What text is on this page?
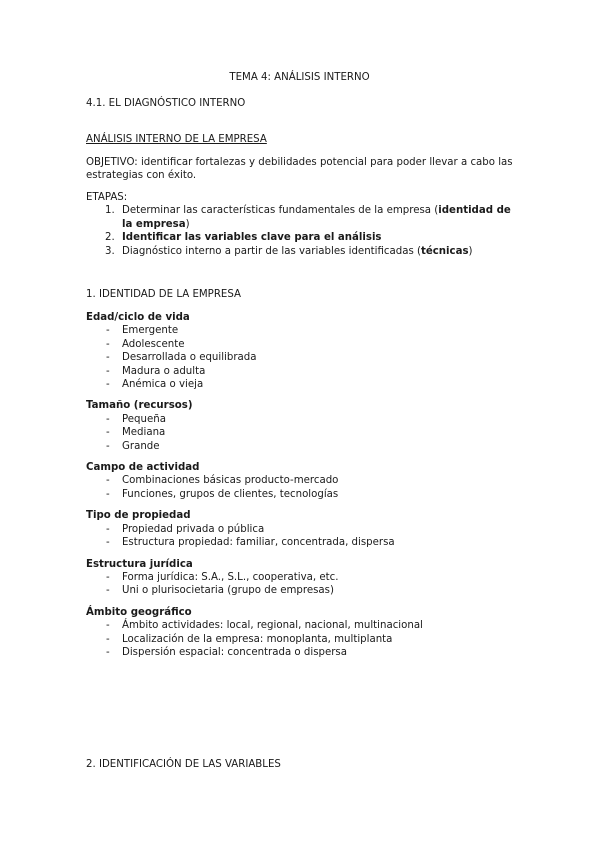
TEMA 4: ANÁLISIS INTERNO
4.1. EL DIAGNÓSTICO INTERNO
ANÁLISIS INTERNO DE LA EMPRESA
OBJETIVO: identificar fortalezas y debilidades potencial para poder llevar a cabo las estrategias con éxito.
ETAPAS:
1. Determinar las características fundamentales de la empresa (identidad de la empresa)
2. Identificar las variables clave para el análisis
3. Diagnóstico interno a partir de las variables identificadas (técnicas)
1. IDENTIDAD DE LA EMPRESA
Edad/ciclo de vida
- Emergente
- Adolescente
- Desarrollada o equilibrada
- Madura o adulta
- Anémica o vieja
Tamaño (recursos)
- Pequeña
- Mediana
- Grande
Campo de actividad
- Combinaciones básicas producto-mercado
- Funciones, grupos de clientes, tecnologías
Tipo de propiedad
- Propiedad privada o pública
- Estructura propiedad: familiar, concentrada, dispersa
Estructura jurídica
- Forma jurídica: S.A., S.L., cooperativa, etc.
- Uni o plurisocietaria (grupo de empresas)
Ámbito geográfico
- Ámbito actividades: local, regional, nacional, multinacional
- Localización de la empresa: monoplanta, multiplanta
- Dispersión espacial: concentrada o dispersa
2. IDENTIFICACIÓN DE LAS VARIABLES
